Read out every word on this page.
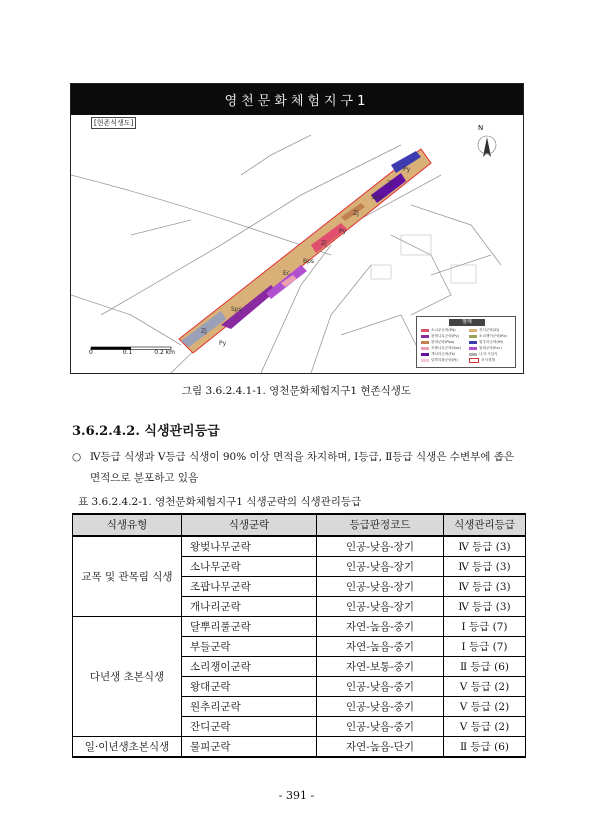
영천문화체험지구1
Zj
Sps
Ec
Bps
Zj
Py
Zj
Sps
Zj
Py
Py
[현존식생도]
N
0	0.1	0.2 km
범례
소나무군락(Pd)	잔디군락(Zj)
왕벚나무군락(Py)	소리쟁이군락(Rc)
왕대군락(Pba)	원추리군락(Hf)
조팝나무군락(Spc)	물피군락(Ecc)
개나리군락(Fk)	나지·시설지
달뿌리풀군락(Pj)	조사경계
그림 3.6.2.4.1-1. 영천문화체험지구1 현존식생도
3.6.2.4.2. 식생관리등급
○ Ⅳ등급 식생과 Ⅴ등급 식생이 90% 이상 면적을 차지하며, Ⅰ등급, Ⅱ등급 식생은 수변부에 좁은 면적으로 분포하고 있음
표 3.6.2.4.2-1. 영천문화체험지구1 식생군락의 식생관리등급
식생유형	식생군락	등급판정코드	식생관리등급
교목 및 관목림 식생	왕벚나무군락	인공-낮음-장기	Ⅳ 등급 (3)
	소나무군락	인공-낮음-장기	Ⅳ 등급 (3)
	조팝나무군락	인공-낮음-장기	Ⅳ 등급 (3)
	개나리군락	인공-낮음-장기	Ⅳ 등급 (3)
다년생 초본식생	달뿌리풀군락	자연-높음-중기	Ⅰ 등급 (7)
	부들군락	자연-높음-중기	Ⅰ 등급 (7)
	소리쟁이군락	자연-보통-중기	Ⅱ 등급 (6)
	왕대군락	인공-낮음-중기	Ⅴ 등급 (2)
	원추리군락	인공-낮음-중기	Ⅴ 등급 (2)
	잔디군락	인공-낮음-중기	Ⅴ 등급 (2)
일·이년생초본식생	물피군락	자연-높음-단기	Ⅱ 등급 (6)
- 391 -
